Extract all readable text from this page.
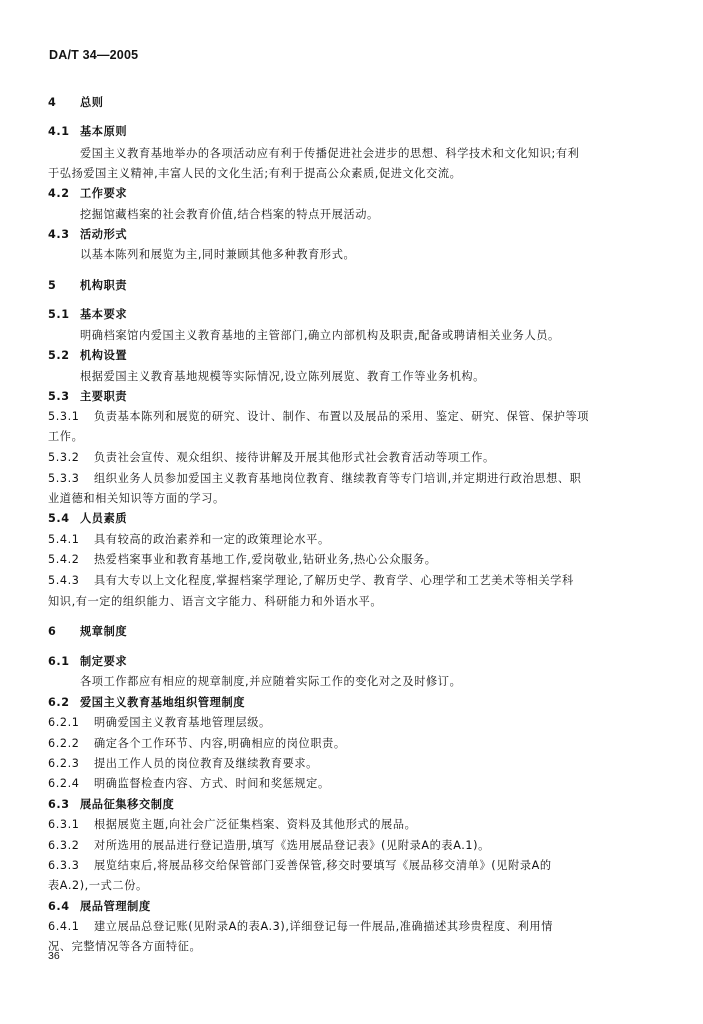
DA/T 34—2005
4 总则
4.1 基本原则
爱国主义教育基地举办的各项活动应有利于传播促进社会进步的思想、科学技术和文化知识;有利
于弘扬爱国主义精神,丰富人民的文化生活;有利于提高公众素质,促进文化交流。
4.2 工作要求
挖掘馆藏档案的社会教育价值,结合档案的特点开展活动。
4.3 活动形式
以基本陈列和展览为主,同时兼顾其他多种教育形式。
5 机构职责
5.1 基本要求
明确档案馆内爱国主义教育基地的主管部门,确立内部机构及职责,配备或聘请相关业务人员。
5.2 机构设置
根据爱国主义教育基地规模等实际情况,设立陈列展览、教育工作等业务机构。
5.3 主要职责
5.3.1 负责基本陈列和展览的研究、设计、制作、布置以及展品的采用、鉴定、研究、保管、保护等项
工作。
5.3.2 负责社会宣传、观众组织、接待讲解及开展其他形式社会教育活动等项工作。
5.3.3 组织业务人员参加爱国主义教育基地岗位教育、继续教育等专门培训,并定期进行政治思想、职
业道德和相关知识等方面的学习。
5.4 人员素质
5.4.1 具有较高的政治素养和一定的政策理论水平。
5.4.2 热爱档案事业和教育基地工作,爱岗敬业,钻研业务,热心公众服务。
5.4.3 具有大专以上文化程度,掌握档案学理论,了解历史学、教育学、心理学和工艺美术等相关学科
知识,有一定的组织能力、语言文字能力、科研能力和外语水平。
6 规章制度
6.1 制定要求
各项工作都应有相应的规章制度,并应随着实际工作的变化对之及时修订。
6.2 爱国主义教育基地组织管理制度
6.2.1 明确爱国主义教育基地管理层级。
6.2.2 确定各个工作环节、内容,明确相应的岗位职责。
6.2.3 提出工作人员的岗位教育及继续教育要求。
6.2.4 明确监督检查内容、方式、时间和奖惩规定。
6.3 展品征集移交制度
6.3.1 根据展览主题,向社会广泛征集档案、资料及其他形式的展品。
6.3.2 对所选用的展品进行登记造册,填写《选用展品登记表》(见附录A的表A.1)。
6.3.3 展览结束后,将展品移交给保管部门妥善保管,移交时要填写《展品移交清单》(见附录A的
表A.2),一式二份。
6.4 展品管理制度
6.4.1 建立展品总登记账(见附录A的表A.3),详细登记每一件展品,准确描述其珍贵程度、利用情
况、完整情况等各方面特征。
36
